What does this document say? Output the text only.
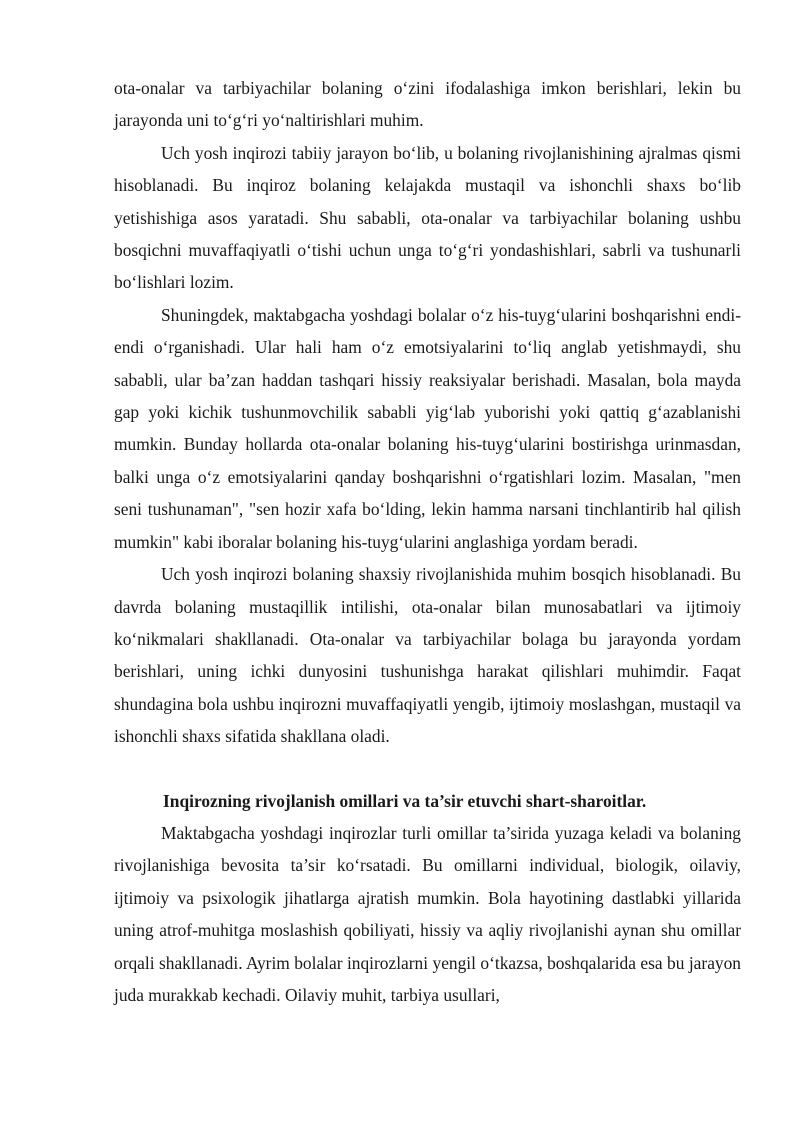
ota-onalar va tarbiyachilar bolaning o‘zini ifodalashiga imkon berishlari, lekin bu jarayonda uni to‘g‘ri yo‘naltirishlari muhim.

Uch yosh inqirozi tabiiy jarayon bo‘lib, u bolaning rivojlanishining ajralmas qismi hisoblanadi. Bu inqiroz bolaning kelajakda mustaqil va ishonchli shaxs bo‘lib yetishishiga asos yaratadi. Shu sababli, ota-onalar va tarbiyachilar bolaning ushbu bosqichni muvaffaqiyatli o‘tishi uchun unga to‘g‘ri yondashishlari, sabrli va tushunarli bo‘lishlari lozim.

Shuningdek, maktabgacha yoshdagi bolalar o‘z his-tuyg‘ularini boshqarishni endi-endi o‘rganishadi. Ular hali ham o‘z emotsiyalarini to‘liq anglab yetishmaydi, shu sababli, ular ba’zan haddan tashqari hissiy reaksiyalar berishadi. Masalan, bola mayda gap yoki kichik tushunmovchilik sababli yig‘lab yuborishi yoki qattiq g‘azablanishi mumkin. Bunday hollarda ota-onalar bolaning his-tuyg‘ularini bostirishga urinmasdan, balki unga o‘z emotsiyalarini qanday boshqarishni o‘rgatishlari lozim. Masalan, "men seni tushunaman", "sen hozir xafa bo‘lding, lekin hamma narsani tinchlantirib hal qilish mumkin" kabi iboralar bolaning his-tuyg‘ularini anglashiga yordam beradi.

Uch yosh inqirozi bolaning shaxsiy rivojlanishida muhim bosqich hisoblanadi. Bu davrda bolaning mustaqillik intilishi, ota-onalar bilan munosabatlari va ijtimoiy ko‘nikmalari shakllanadi. Ota-onalar va tarbiyachilar bolaga bu jarayonda yordam berishlari, uning ichki dunyosini tushunishga harakat qilishlari muhimdir. Faqat shundagina bola ushbu inqirozni muvaffaqiyatli yengib, ijtimoiy moslashgan, mustaqil va ishonchli shaxs sifatida shakllana oladi.

Inqirozning rivojlanish omillari va ta’sir etuvchi shart-sharoitlar.

Maktabgacha yoshdagi inqirozlar turli omillar ta’sirida yuzaga keladi va bolaning rivojlanishiga bevosita ta’sir ko‘rsatadi. Bu omillarni individual, biologik, oilaviy, ijtimoiy va psixologik jihatlarga ajratish mumkin. Bola hayotining dastlabki yillarida uning atrof-muhitga moslashish qobiliyati, hissiy va aqliy rivojlanishi aynan shu omillar orqali shakllanadi. Ayrim bolalar inqirozlarni yengil o‘tkazsa, boshqalarida esa bu jarayon juda murakkab kechadi. Oilaviy muhit, tarbiya usullari,
